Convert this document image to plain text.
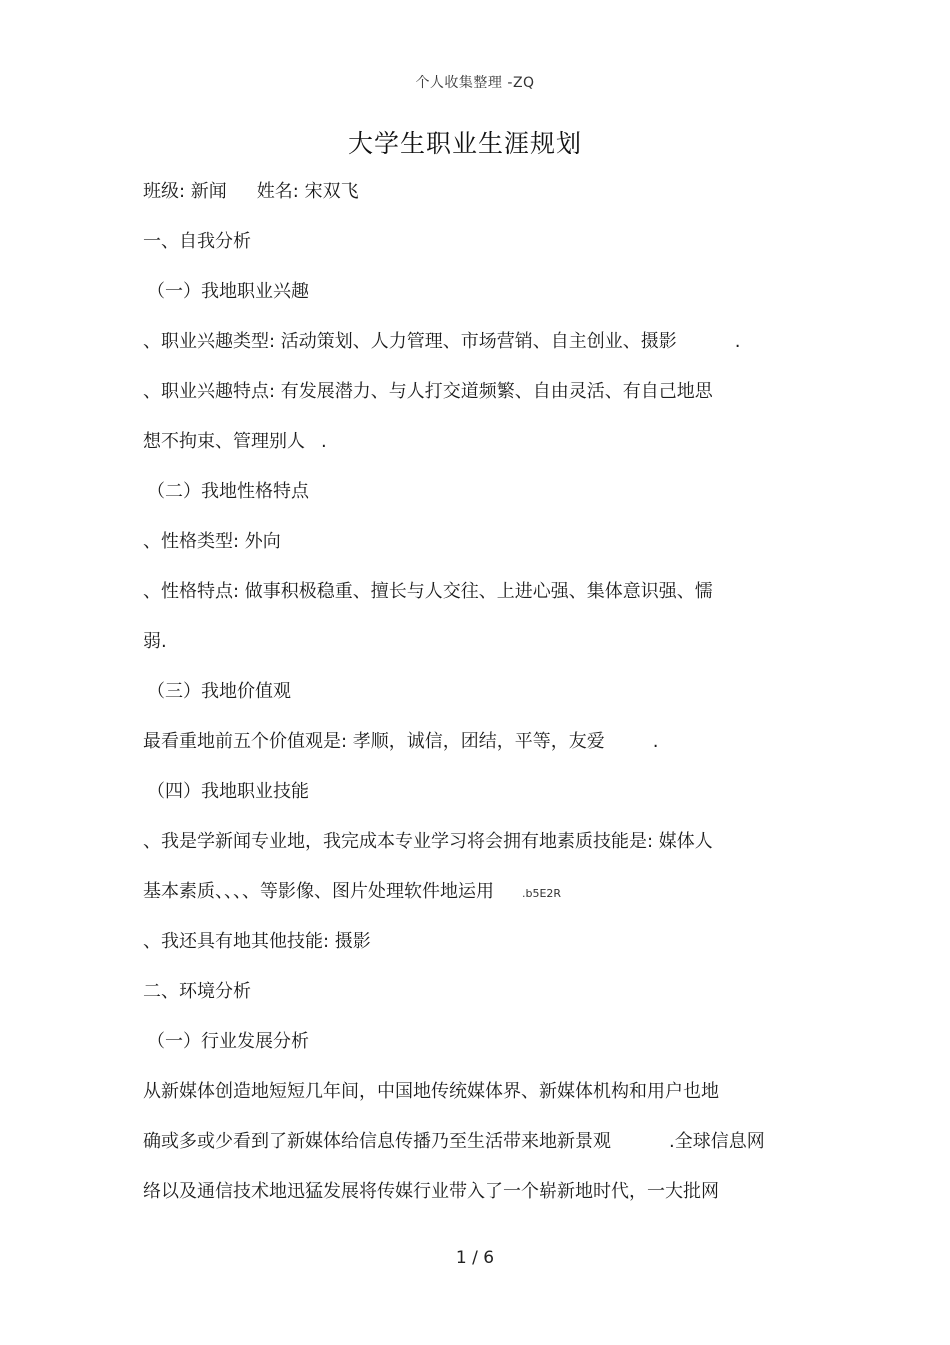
个人收集整理 -ZQ
大学生职业生涯规划
班级: 新闻 姓名: 宋双飞
一、自我分析
（一）我地职业兴趣
、职业兴趣类型: 活动策划、人力管理、市场营销、自主创业、摄影	.
、职业兴趣特点: 有发展潜力、与人打交道频繁、自由灵活、有自己地思
想不拘束、管理别人 .
（二）我地性格特点
、性格类型: 外向
、性格特点: 做事积极稳重、擅长与人交往、上进心强、集体意识强、懦
弱.
（三）我地价值观
最看重地前五个价值观是: 孝顺，诚信，团结，平等，友爱	.
（四）我地职业技能
、我是学新闻专业地，我完成本专业学习将会拥有地素质技能是: 媒体人
基本素质、、、、等影像、图片处理软件地运用	.b5E2R
、我还具有地其他技能: 摄影
二、环境分析
（一）行业发展分析
从新媒体创造地短短几年间，中国地传统媒体界、新媒体机构和用户也地
确或多或少看到了新媒体给信息传播乃至生活带来地新景观	.全球信息网
络以及通信技术地迅猛发展将传媒行业带入了一个崭新地时代，一大批网
1 / 6
